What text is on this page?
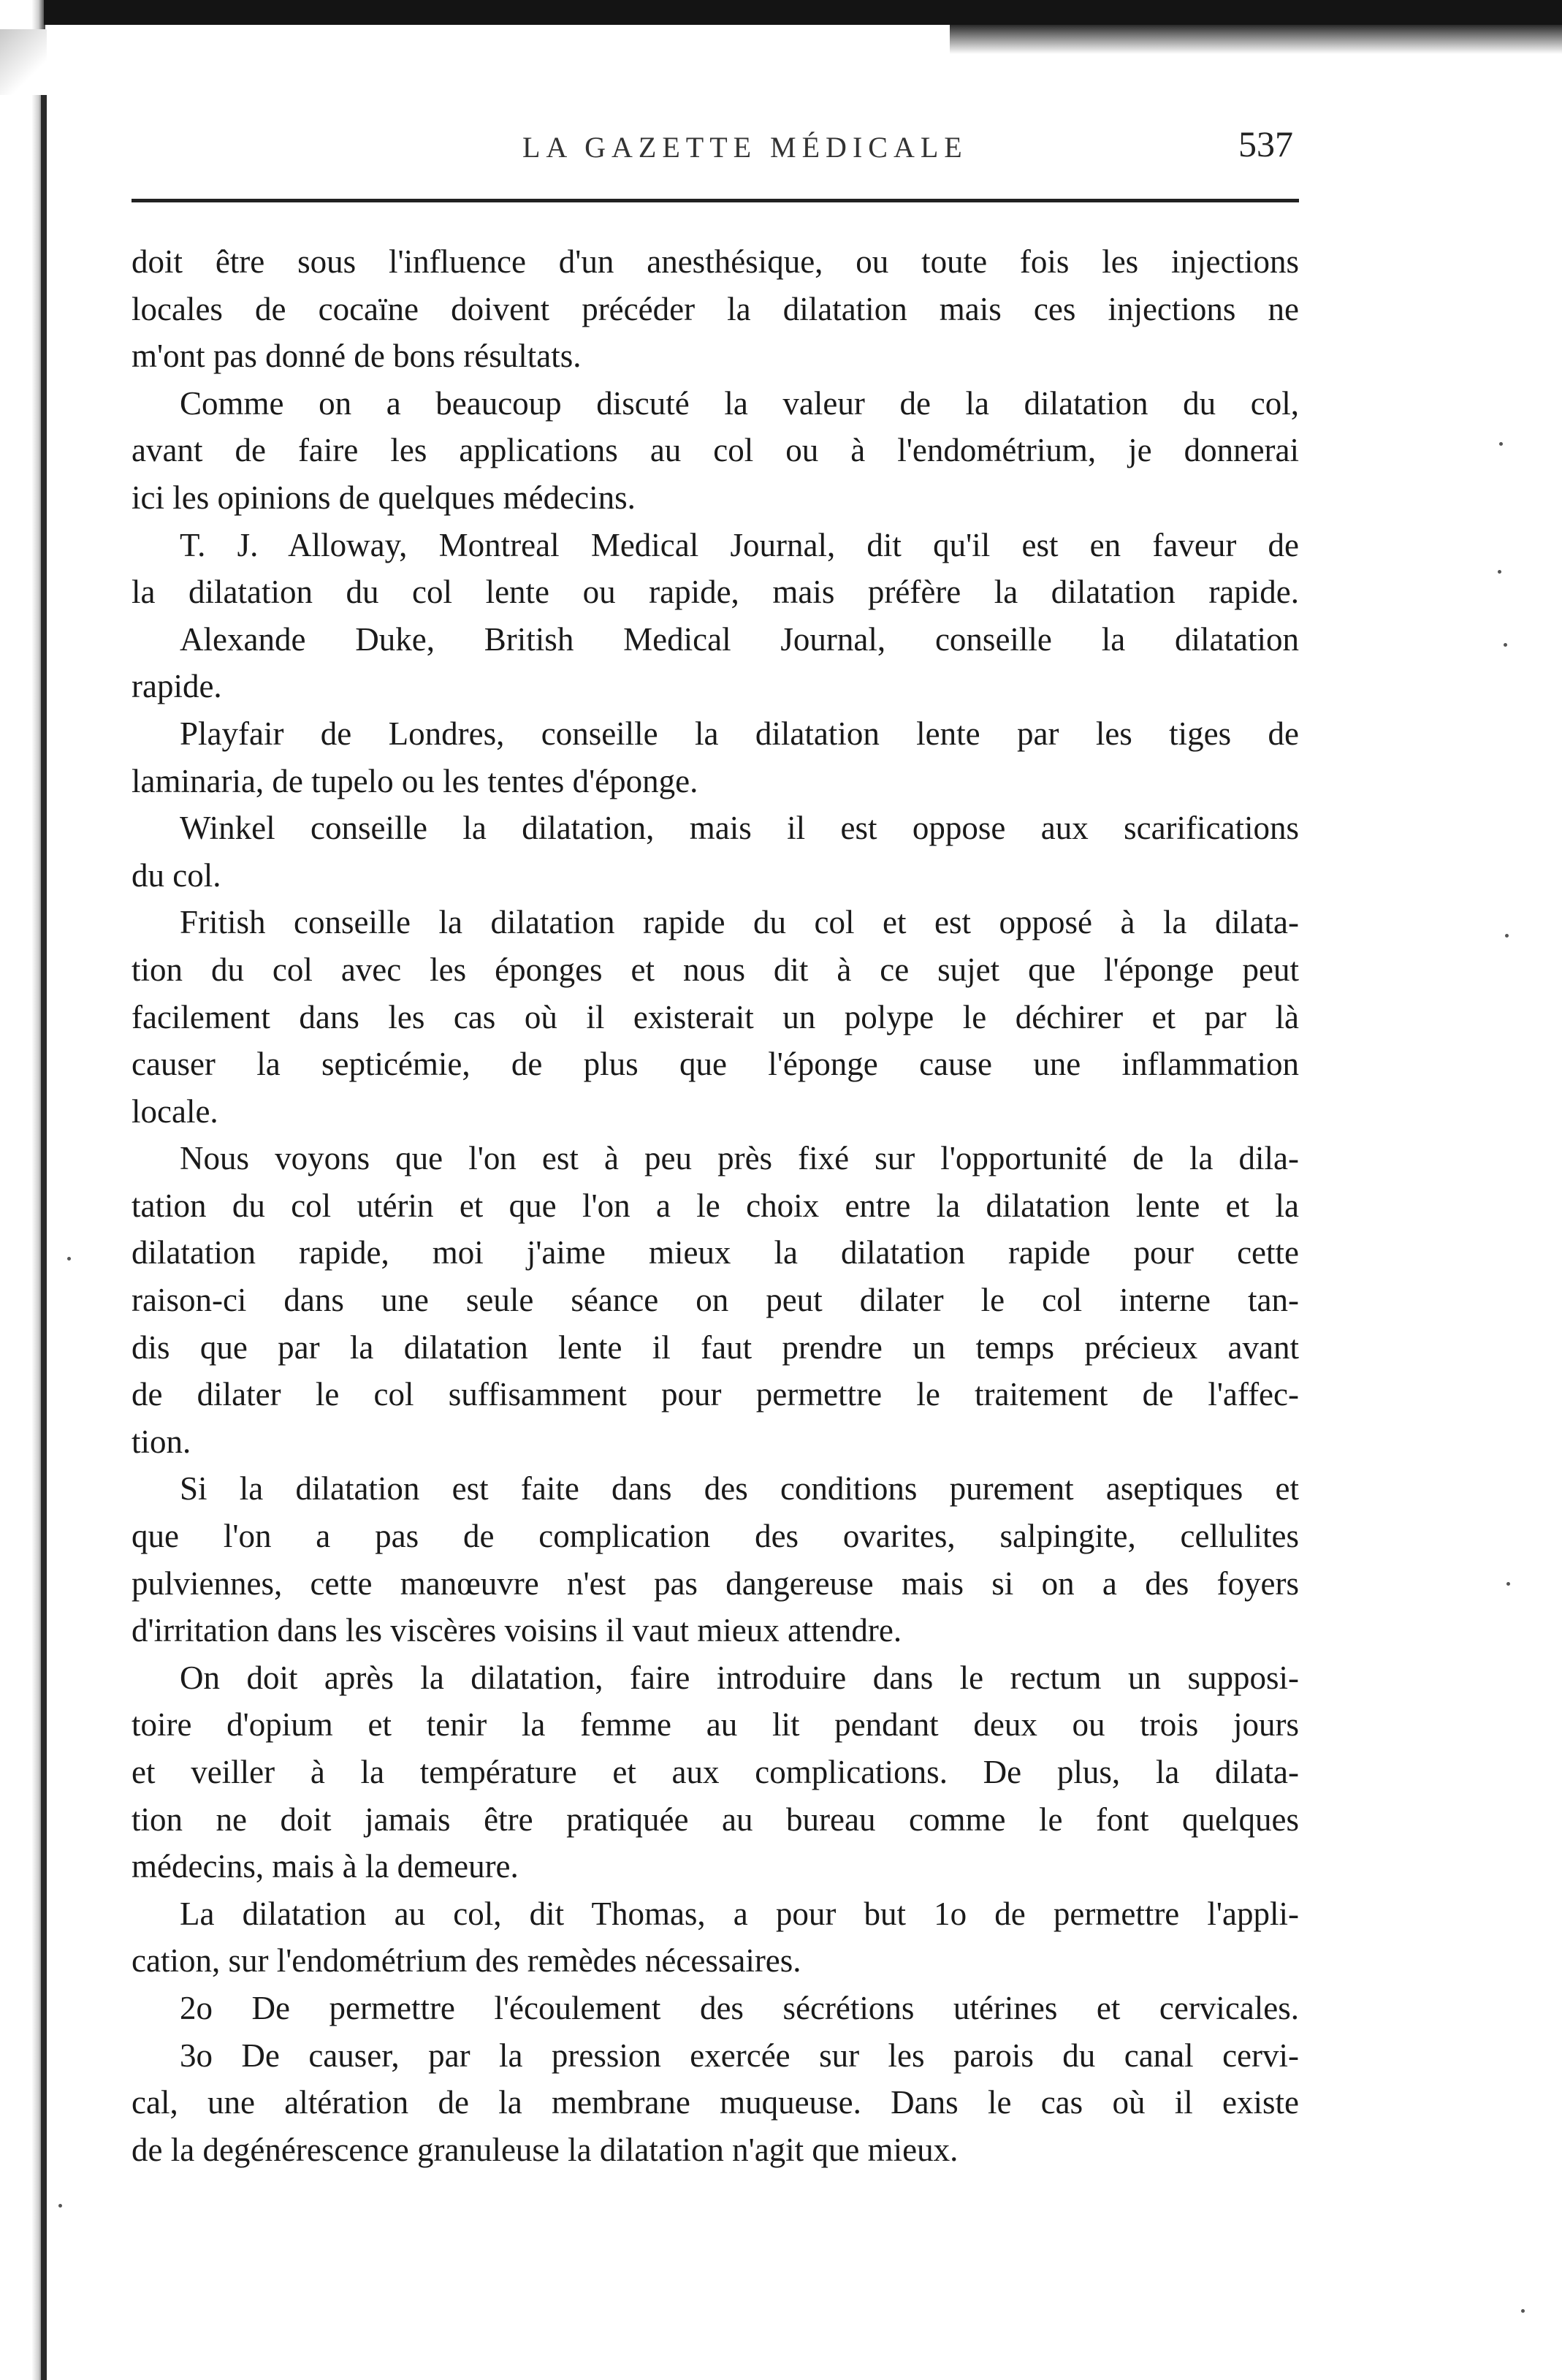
LA GAZETTE MÉDICALE	537
doit être sous l'influence d'un anesthésique, ou toute fois les injections
locales de cocaïne doivent précéder la dilatation mais ces injections ne
m'ont pas donné de bons résultats.
Comme on a beaucoup discuté la valeur de la dilatation du col,
avant de faire les applications au col ou à l'endométrium, je donnerai
ici les opinions de quelques médecins.
T. J. Alloway, Montreal Medical Journal, dit qu'il est en faveur de
la dilatation du col lente ou rapide, mais préfère la dilatation rapide.
Alexande Duke, British Medical Journal, conseille la dilatation
rapide.
Playfair de Londres, conseille la dilatation lente par les tiges de
laminaria, de tupelo ou les tentes d'éponge.
Winkel conseille la dilatation, mais il est oppose aux scarifications
du col.
Fritish conseille la dilatation rapide du col et est opposé à la dilata-
tion du col avec les éponges et nous dit à ce sujet que l'éponge peut
facilement dans les cas où il existerait un polype le déchirer et par là
causer la septicémie, de plus que l'éponge cause une inflammation
locale.
Nous voyons que l'on est à peu près fixé sur l'opportunité de la dila-
tation du col utérin et que l'on a le choix entre la dilatation lente et la
dilatation rapide, moi j'aime mieux la dilatation rapide pour cette
raison-ci dans une seule séance on peut dilater le col interne tan-
dis que par la dilatation lente il faut prendre un temps précieux avant
de dilater le col suffisamment pour permettre le traitement de l'affec-
tion.
Si la dilatation est faite dans des conditions purement aseptiques et
que l'on a pas de complication des ovarites, salpingite, cellulites
pulviennes, cette manœuvre n'est pas dangereuse mais si on a des foyers
d'irritation dans les viscères voisins il vaut mieux attendre.
On doit après la dilatation, faire introduire dans le rectum un supposi-
toire d'opium et tenir la femme au lit pendant deux ou trois jours
et veiller à la température et aux complications. De plus, la dilata-
tion ne doit jamais être pratiquée au bureau comme le font quelques
médecins, mais à la demeure.
La dilatation au col, dit Thomas, a pour but 1o de permettre l'appli-
cation, sur l'endométrium des remèdes nécessaires.
2o De permettre l'écoulement des sécrétions utérines et cervicales.
3o De causer, par la pression exercée sur les parois du canal cervi-
cal, une altération de la membrane muqueuse. Dans le cas où il existe
de la degénérescence granuleuse la dilatation n'agit que mieux.
